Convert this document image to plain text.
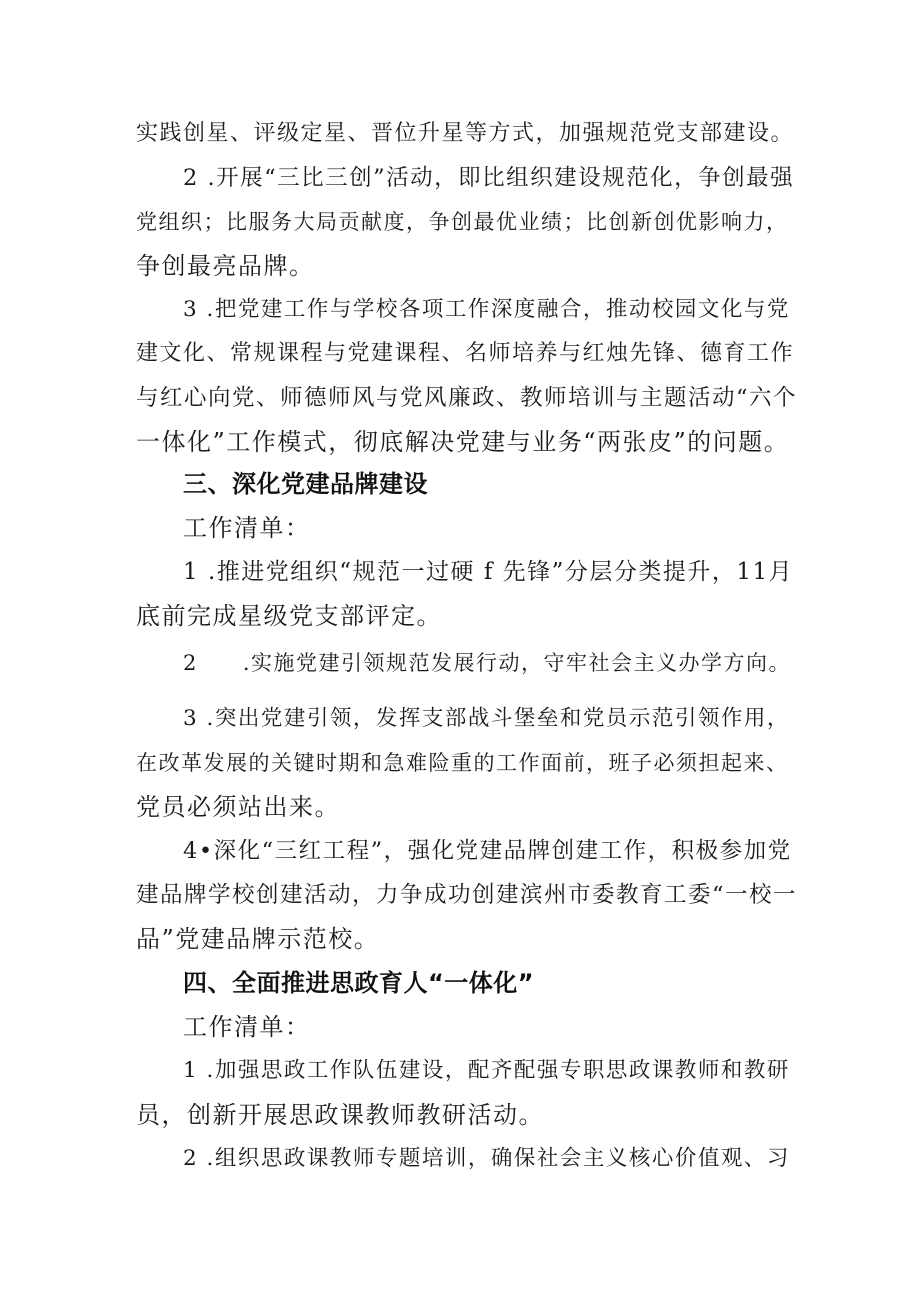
实践创星、评级定星、晋位升星等方式，加强规范党支部建设。
2 .开展“三比三创”活动，即比组织建设规范化，争创最强
党组织；比服务大局贡献度，争创最优业绩；比创新创优影响力，
争创最亮品牌。
3 .把党建工作与学校各项工作深度融合，推动校园文化与党
建文化、常规课程与党建课程、名师培养与红烛先锋、德育工作
与红心向党、师德师风与党风廉政、教师培训与主题活动“六个
一体化”工作模式，彻底解决党建与业务“两张皮”的问题。
三、深化党建品牌建设
工作清单：
1 .推进党组织“规范一过硬 f 先锋”分层分类提升，11月
底前完成星级党支部评定。
2　　.实施党建引领规范发展行动，守牢社会主义办学方向。
3 .突出党建引领，发挥支部战斗堡垒和党员示范引领作用，
在改革发展的关键时期和急难险重的工作面前，班子必须担起来、
党员必须站出来。
4•深化“三红工程”，强化党建品牌创建工作，积极参加党
建品牌学校创建活动，力争成功创建滨州市委教育工委“一校一
品”党建品牌示范校。
四、全面推进思政育人“一体化”
工作清单：
1 .加强思政工作队伍建设，配齐配强专职思政课教师和教研
员，创新开展思政课教师教研活动。
2 .组织思政课教师专题培训，确保社会主义核心价值观、习
